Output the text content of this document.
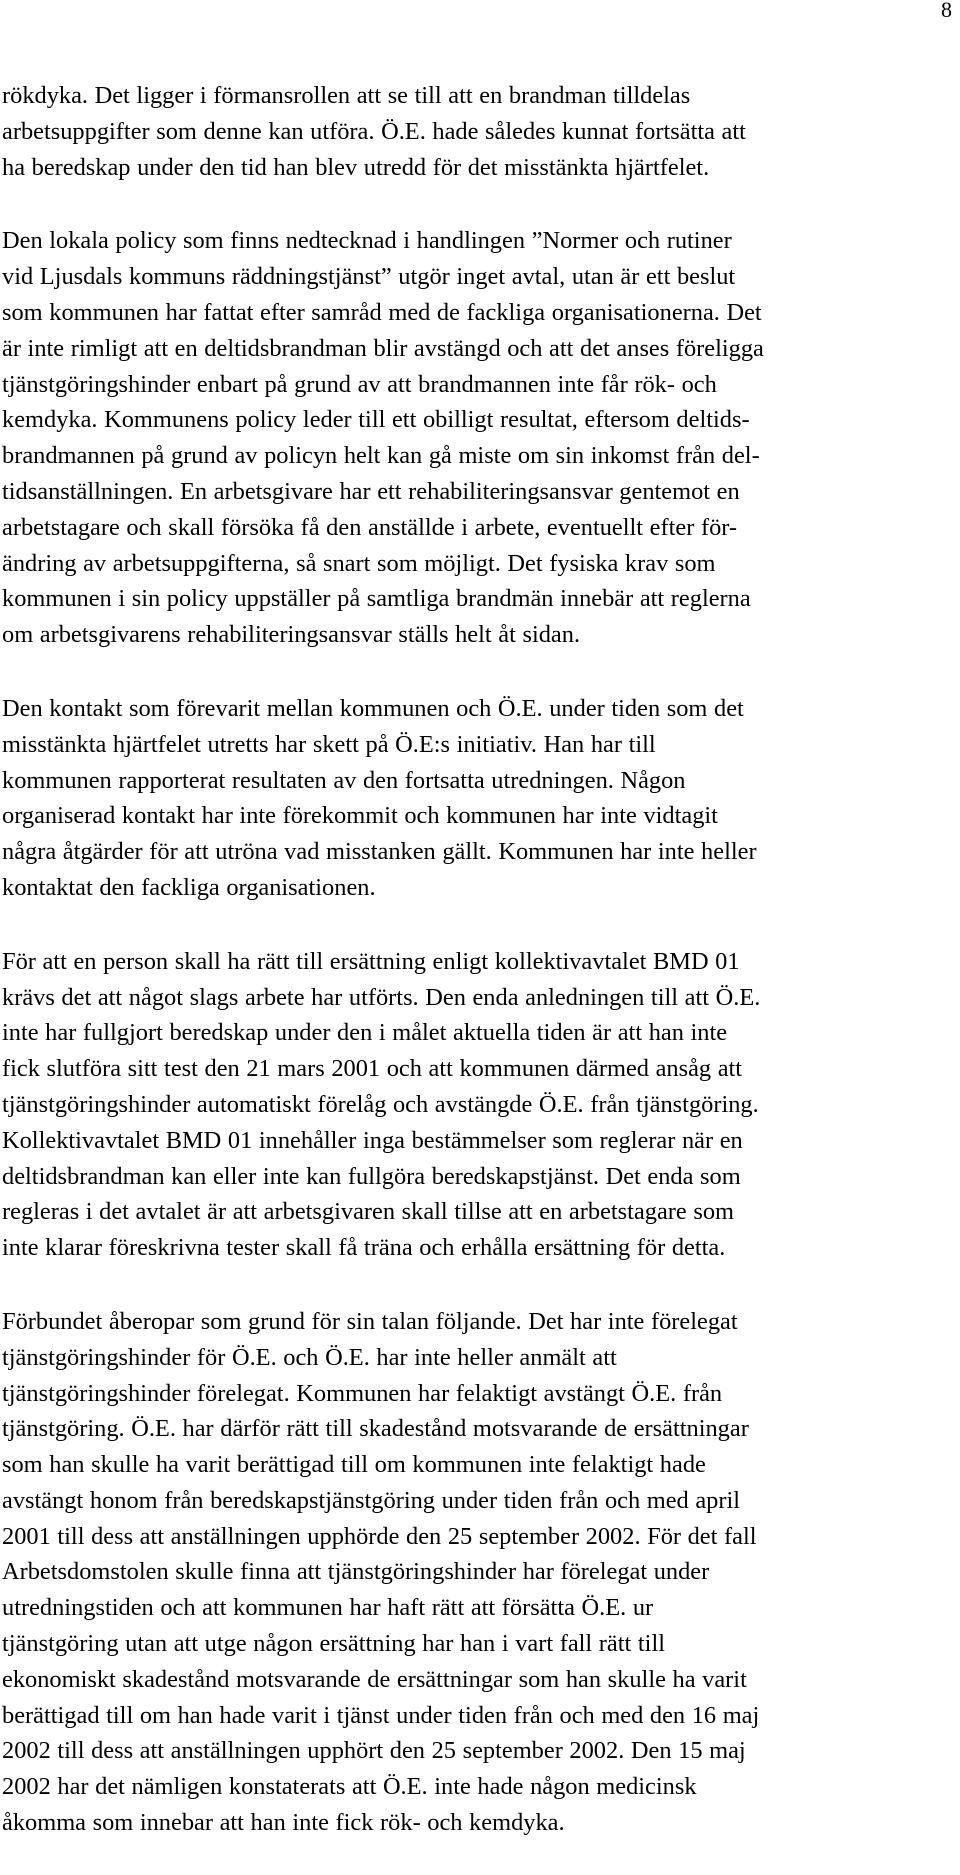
8

rökdyka. Det ligger i förmansrollen att se till att en brandman tilldelas
arbetsuppgifter som denne kan utföra. Ö.E. hade således kunnat fortsätta att
ha beredskap under den tid han blev utredd för det misstänkta hjärtfelet.

Den lokala policy som finns nedtecknad i handlingen ”Normer och rutiner
vid Ljusdals kommuns räddningstjänst” utgör inget avtal, utan är ett beslut
som kommunen har fattat efter samråd med de fackliga organisationerna. Det
är inte rimligt att en deltidsbrandman blir avstängd och att det anses föreligga
tjänstgöringshinder enbart på grund av att brandmannen inte får rök- och
kemdyka. Kommunens policy leder till ett obilligt resultat, eftersom deltids-
brandmannen på grund av policyn helt kan gå miste om sin inkomst från del-
tidsanställningen. En arbetsgivare har ett rehabiliteringsansvar gentemot en
arbetstagare och skall försöka få den anställde i arbete, eventuellt efter för-
ändring av arbetsuppgifterna, så snart som möjligt. Det fysiska krav som
kommunen i sin policy uppställer på samtliga brandmän innebär att reglerna
om arbetsgivarens rehabiliteringsansvar ställs helt åt sidan.

Den kontakt som förevarit mellan kommunen och Ö.E. under tiden som det
misstänkta hjärtfelet utretts har skett på Ö.E:s initiativ. Han har till
kommunen rapporterat resultaten av den fortsatta utredningen. Någon
organiserad kontakt har inte förekommit och kommunen har inte vidtagit
några åtgärder för att utröna vad misstanken gällt. Kommunen har inte heller
kontaktat den fackliga organisationen.

För att en person skall ha rätt till ersättning enligt kollektivavtalet BMD 01
krävs det att något slags arbete har utförts. Den enda anledningen till att Ö.E.
inte har fullgjort beredskap under den i målet aktuella tiden är att han inte
fick slutföra sitt test den 21 mars 2001 och att kommunen därmed ansåg att
tjänstgöringshinder automatiskt förelåg och avstängde Ö.E. från tjänstgöring.
Kollektivavtalet BMD 01 innehåller inga bestämmelser som reglerar när en
deltidsbrandman kan eller inte kan fullgöra beredskapstjänst. Det enda som
regleras i det avtalet är att arbetsgivaren skall tillse att en arbetstagare som
inte klarar föreskrivna tester skall få träna och erhålla ersättning för detta.

Förbundet åberopar som grund för sin talan följande. Det har inte förelegat
tjänstgöringshinder för Ö.E. och Ö.E. har inte heller anmält att
tjänstgöringshinder förelegat. Kommunen har felaktigt avstängt Ö.E. från
tjänstgöring. Ö.E. har därför rätt till skadestånd motsvarande de ersättningar
som han skulle ha varit berättigad till om kommunen inte felaktigt hade
avstängt honom från beredskapstjänstgöring under tiden från och med april
2001 till dess att anställningen upphörde den 25 september 2002. För det fall
Arbetsdomstolen skulle finna att tjänstgöringshinder har förelegat under
utredningstiden och att kommunen har haft rätt att försätta Ö.E. ur
tjänstgöring utan att utge någon ersättning har han i vart fall rätt till
ekonomiskt skadestånd motsvarande de ersättningar som han skulle ha varit
berättigad till om han hade varit i tjänst under tiden från och med den 16 maj
2002 till dess att anställningen upphört den 25 september 2002. Den 15 maj
2002 har det nämligen konstaterats att Ö.E. inte hade någon medicinsk
åkomma som innebar att han inte fick rök- och kemdyka.
